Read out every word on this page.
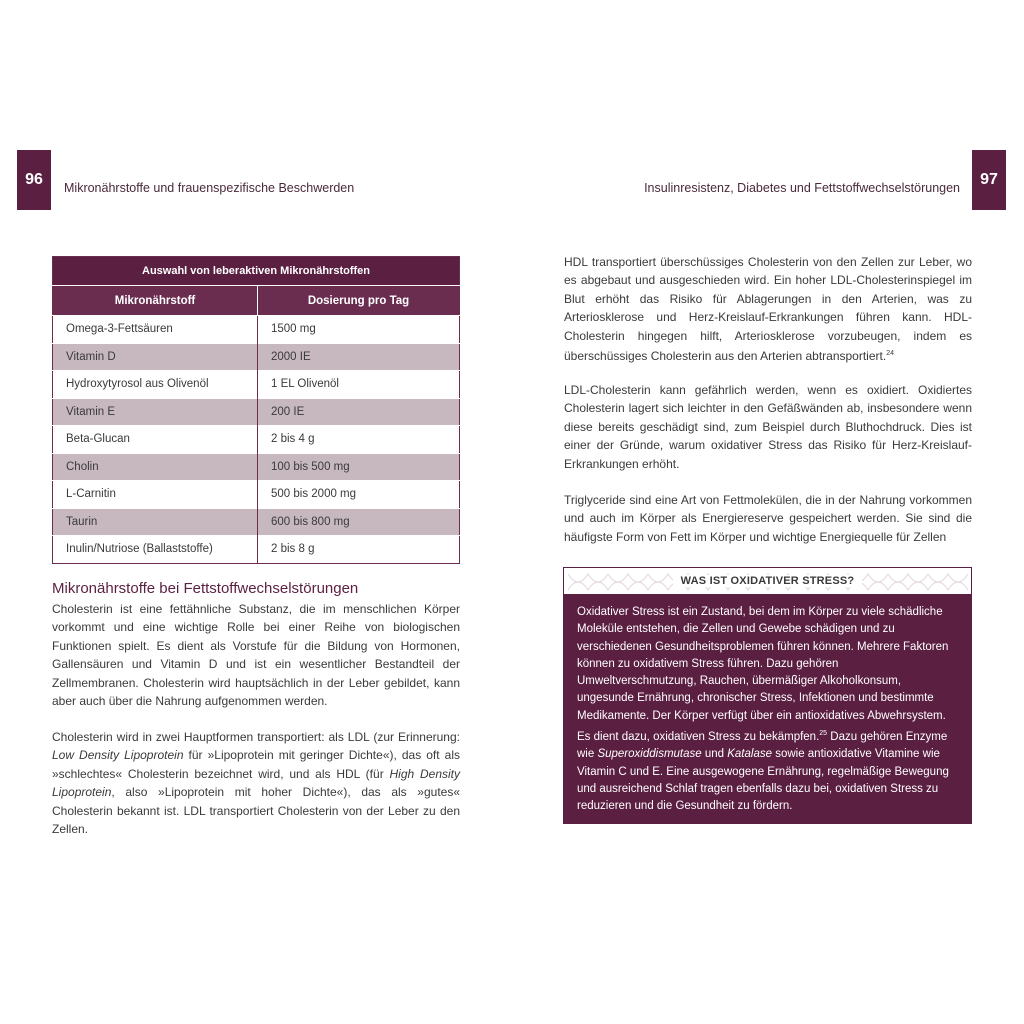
96	Mikronährstoffe und frauenspezifische Beschwerden	Insulinresistenz, Diabetes und Fettstoffwechselstörungen	97
Auswahl von leberaktiven Mikronährstoffen	
Mikronährstoff	Dosierung pro Tag
Omega-3-Fettsäuren	1500 mg
Vitamin D	2000 IE
Hydroxytyrosol aus Olivenöl	1 EL Olivenöl
Vitamin E	200 IE
Beta-Glucan	2 bis 4 g
Cholin	100 bis 500 mg
L-Carnitin	500 bis 2000 mg
Taurin	600 bis 800 mg
Inulin/Nutriose (Ballaststoffe)	2 bis 8 g
Mikronährstoffe bei Fettstoffwechselstörungen

Cholesterin ist eine fettähnliche Substanz, die im menschlichen Körper vorkommt und eine wichtige Rolle bei einer Reihe von biologischen Funktionen spielt. Es dient als Vorstufe für die Bildung von Hormonen, Gallensäuren und Vitamin D und ist ein wesentlicher Bestandteil der Zellmembranen. Cholesterin wird hauptsächlich in der Leber gebildet, kann aber auch über die Nahrung aufgenommen werden.

Cholesterin wird in zwei Hauptformen transportiert: als LDL (zur Erinnerung: Low Density Lipoprotein für »Lipoprotein mit geringer Dichte«), das oft als »schlechtes« Cholesterin bezeichnet wird, und als HDL (für High Density Lipoprotein, also »Lipoprotein mit hoher Dichte«), das als »gutes« Cholesterin bekannt ist. LDL transportiert Cholesterin von der Leber zu den Zellen.

HDL transportiert überschüssiges Cholesterin von den Zellen zur Leber, wo es abgebaut und ausgeschieden wird. Ein hoher LDL-Cholesterinspiegel im Blut erhöht das Risiko für Ablagerungen in den Arterien, was zu Arteriosklerose und Herz-Kreislauf-Erkrankungen führen kann. HDL-Cholesterin hingegen hilft, Arteriosklerose vorzubeugen, indem es überschüssiges Cholesterin aus den Arterien abtransportiert.$^{24}$

LDL-Cholesterin kann gefährlich werden, wenn es oxidiert. Oxidiertes Cholesterin lagert sich leichter in den Gefäßwänden ab, insbesondere wenn diese bereits geschädigt sind, zum Beispiel durch Bluthochdruck. Dies ist einer der Gründe, warum oxidativer Stress das Risiko für Herz-Kreislauf-Erkrankungen erhöht.

Triglyceride sind eine Art von Fettmolekülen, die in der Nahrung vorkommen und auch im Körper als Energiereserve gespeichert werden. Sie sind die häufigste Form von Fett im Körper und wichtige Energiequelle für Zellen

WAS IST OXIDATIVER STRESS?

Oxidativer Stress ist ein Zustand, bei dem im Körper zu viele schädliche Moleküle entstehen, die Zellen und Gewebe schädigen und zu verschiedenen Gesundheitsproblemen führen können. Mehrere Faktoren können zu oxidativem Stress führen. Dazu gehören Umweltverschmutzung, Rauchen, übermäßiger Alkoholkonsum, ungesunde Ernährung, chronischer Stress, Infektionen und bestimmte Medikamente. Der Körper verfügt über ein antioxidatives Abwehrsystem. Es dient dazu, oxidativen Stress zu bekämpfen.$^{25}$ Dazu gehören Enzyme wie Superoxiddismutase und Katalase sowie antioxidative Vitamine wie Vitamin C und E. Eine ausgewogene Ernährung, regelmäßige Bewegung und ausreichend Schlaf tragen ebenfalls dazu bei, oxidativen Stress zu reduzieren und die Gesundheit zu fördern.
